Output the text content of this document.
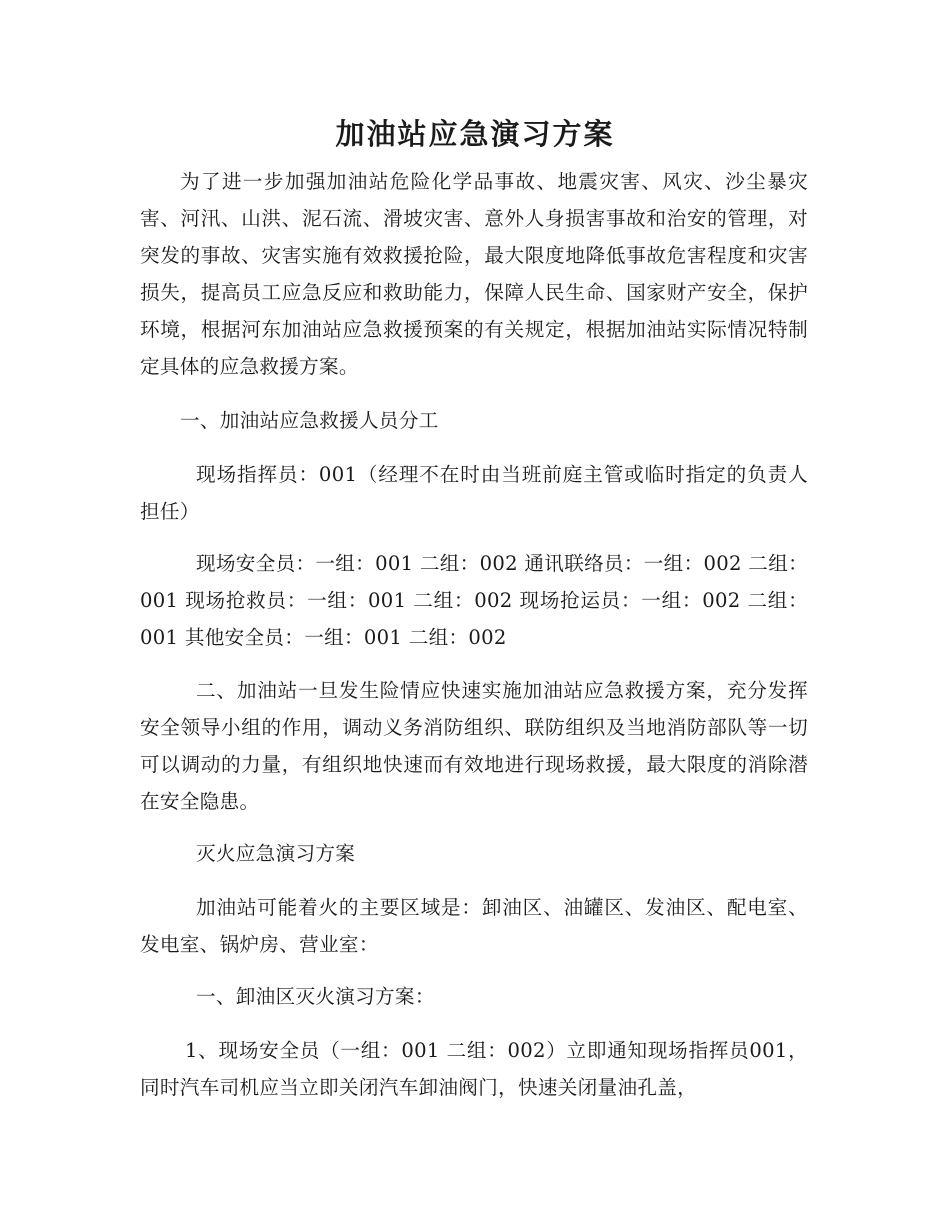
加油站应急演习方案

为了进一步加强加油站危险化学品事故、地震灾害、风灾、沙尘暴灾害、河汛、山洪、泥石流、滑坡灾害、意外人身损害事故和治安的管理，对突发的事故、灾害实施有效救援抢险，最大限度地降低事故危害程度和灾害损失，提高员工应急反应和救助能力，保障人民生命、国家财产安全，保护环境，根据河东加油站应急救援预案的有关规定，根据加油站实际情况特制定具体的应急救援方案。

一、加油站应急救援人员分工

现场指挥员：001（经理不在时由当班前庭主管或临时指定的负责人担任）

现场安全员：一组：001 二组：002 通讯联络员：一组：002 二组：001 现场抢救员：一组：001 二组：002 现场抢运员：一组：002 二组：001 其他安全员：一组：001 二组：002

二、加油站一旦发生险情应快速实施加油站应急救援方案，充分发挥安全领导小组的作用，调动义务消防组织、联防组织及当地消防部队等一切可以调动的力量，有组织地快速而有效地进行现场救援，最大限度的消除潜在安全隐患。

灭火应急演习方案

加油站可能着火的主要区域是：卸油区、油罐区、发油区、配电室、发电室、锅炉房、营业室：

一、卸油区灭火演习方案：

1、现场安全员（一组：001 二组：002）立即通知现场指挥员001，同时汽车司机应当立即关闭汽车卸油阀门，快速关闭量油孔盖，
